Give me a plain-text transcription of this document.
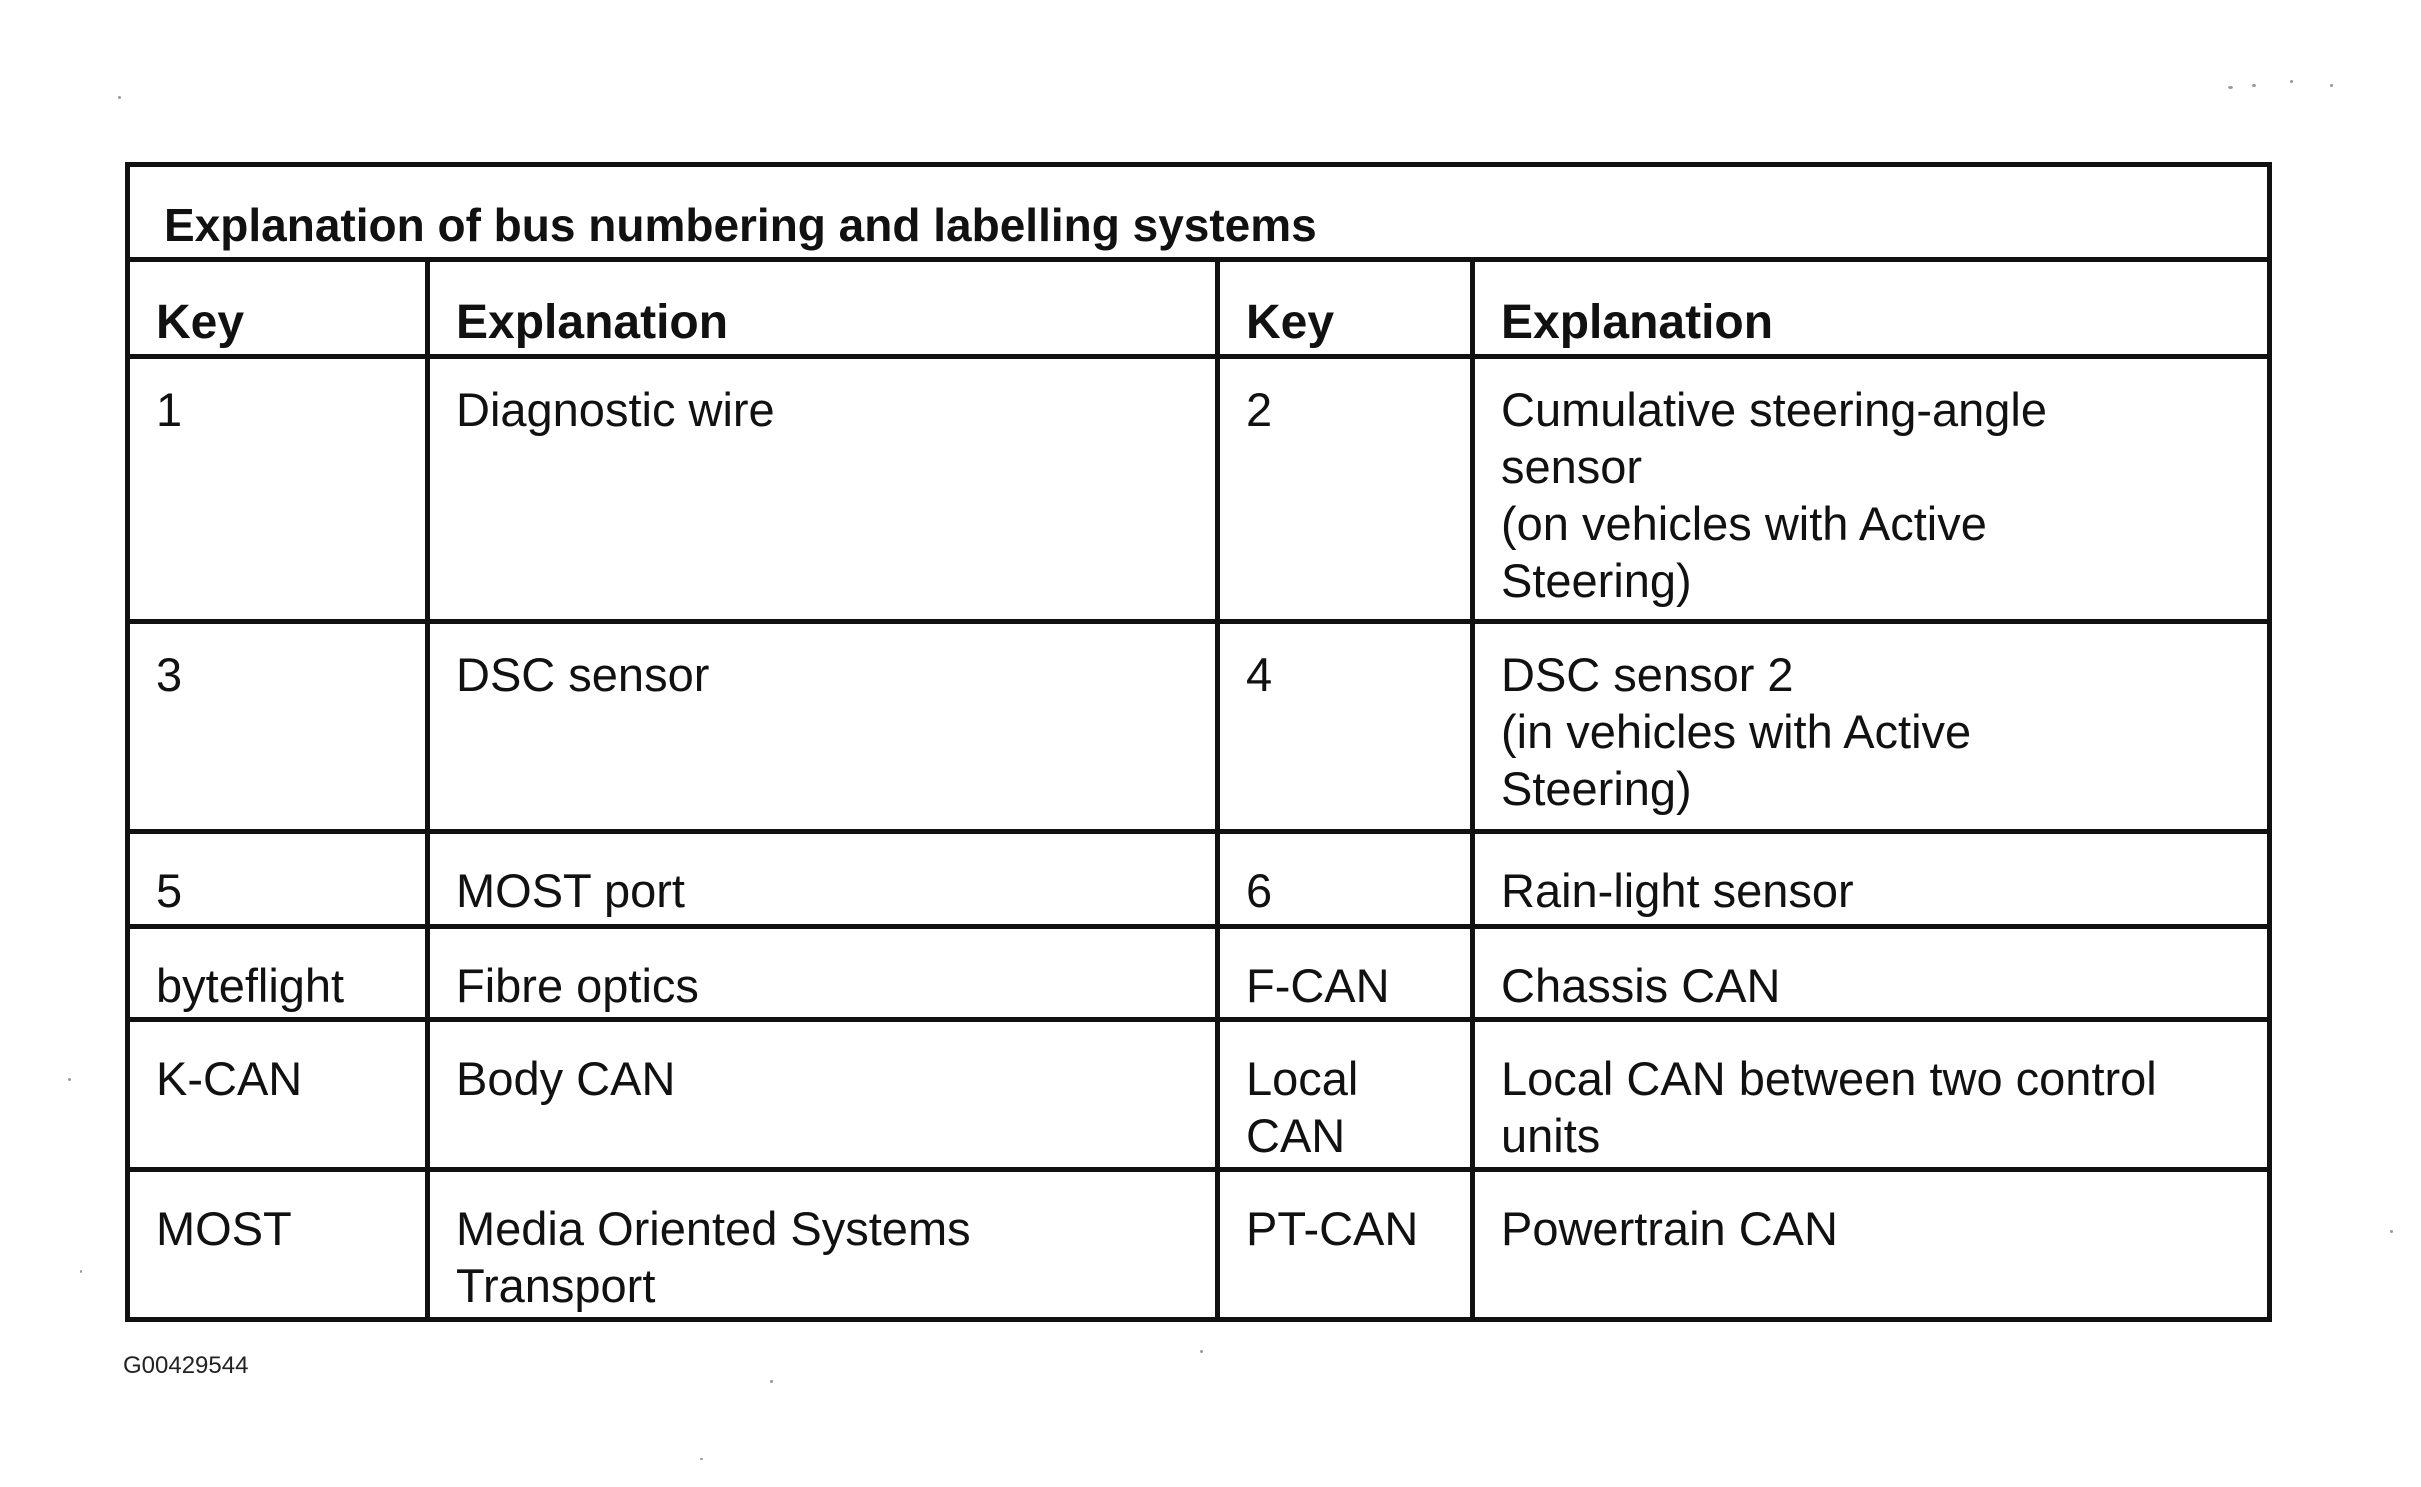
Explanation of bus numbering and labelling systems			
Key	Explanation	Key	Explanation

1	Diagnostic wire	2	Cumulative steering-angle
sensor
(on vehicles with Active
Steering)

3	DSC sensor	4	DSC sensor 2
(in vehicles with Active
Steering)

5	MOST port	6	Rain-light sensor

byteflight	Fibre optics	F-CAN	Chassis CAN

K-CAN	Body CAN	Local
CAN	Local CAN between two control
units

MOST	Media Oriented Systems
Transport	PT-CAN	Powertrain CAN
G00429544
